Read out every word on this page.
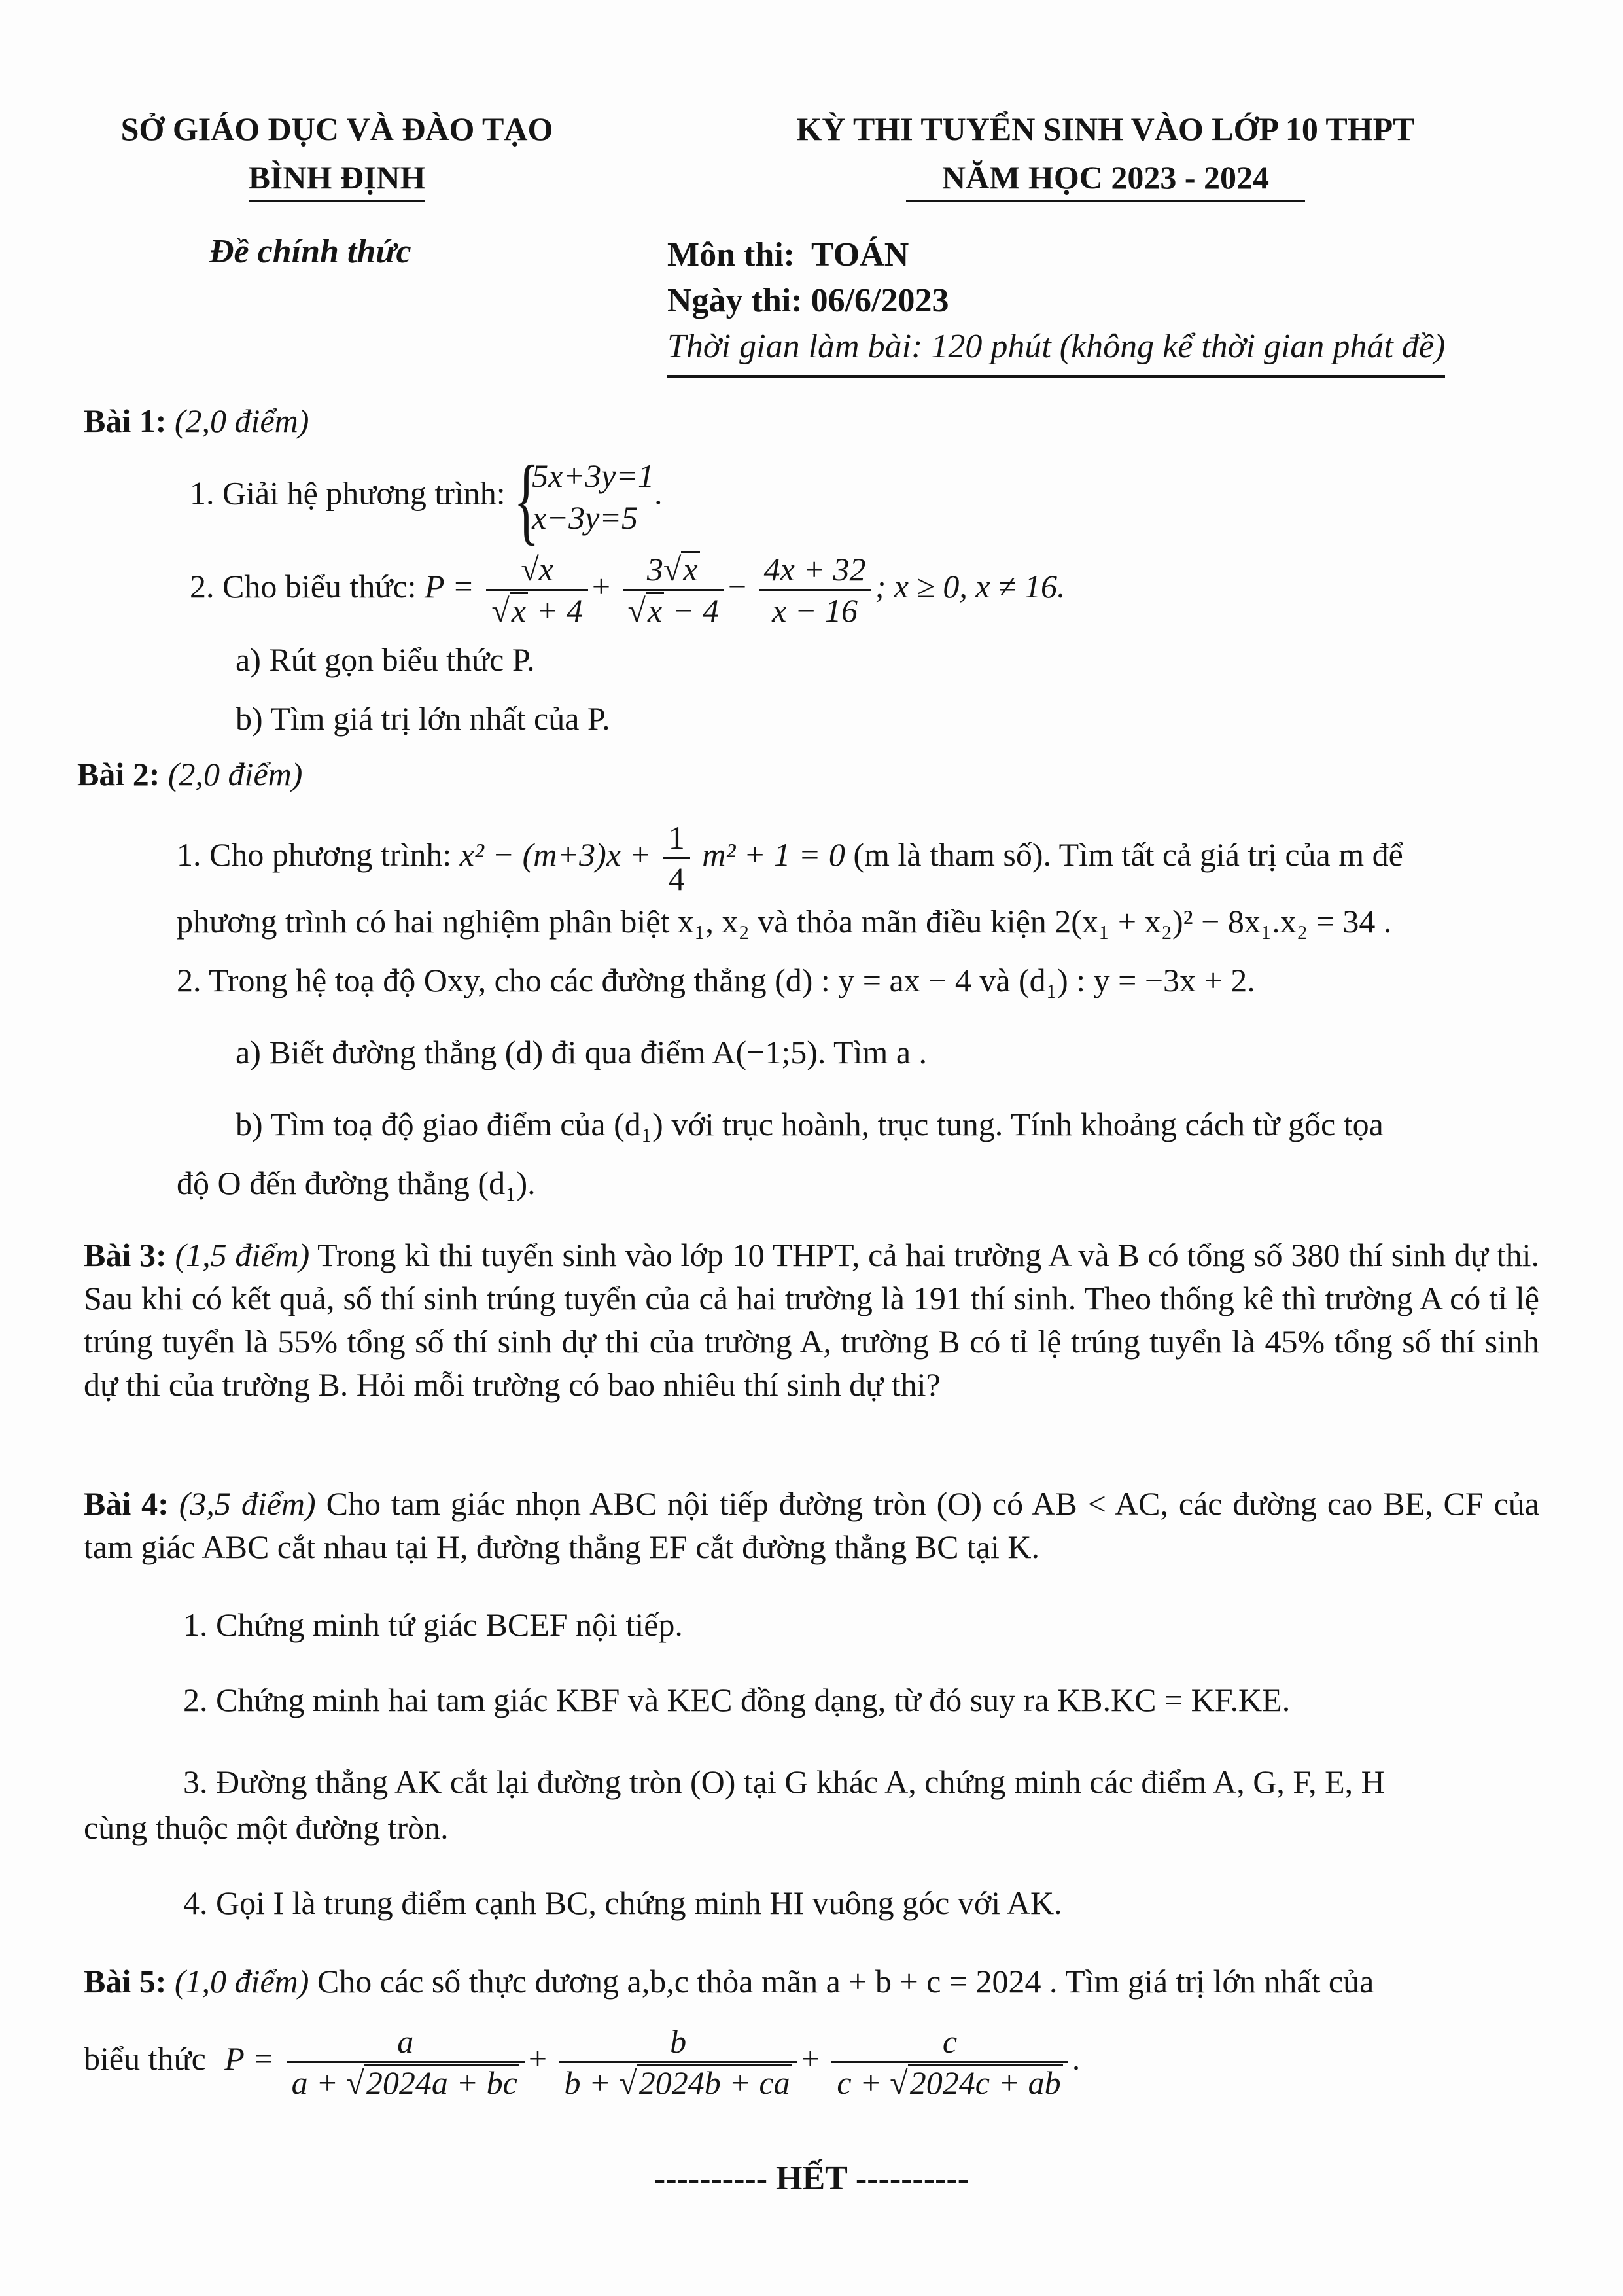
SỞ GIÁO DỤC VÀ ĐÀO TẠO
BÌNH ĐỊNH
KỲ THI TUYỂN SINH VÀO LỚP 10 THPT
NĂM HỌC 2023 - 2024
Đề chính thức	Môn thi: TOÁN
Ngày thi: 06/6/2023
Thời gian làm bài: 120 phút (không kể thời gian phát đề)
Bài 1: (2,0 điểm)
1. Giải hệ phương trình: {
5x+3y=1
x−3y=5
.
2. Cho biểu thức: $P = \frac{√x}{√x + 4} + \frac{3√x}{√x - 4} - \frac{4x + 32}{x - 16}$ ; x ≥ 0, x ≠ 16.
a) Rút gọn biểu thức P.
b) Tìm giá trị lớn nhất của P.
Bài 2: (2,0 điểm)
1. Cho phương trình: $x^2 - (m+3)x + \frac{1}{4} m^2 + 1 = 0$ (m là tham số). Tìm tất cả giá trị của m để
phương trình có hai nghiệm phân biệt x₁, x₂ và thỏa mãn điều kiện 2(x₁ + x₂)² − 8x₁.x₂ = 34 .
2. Trong hệ toạ độ Oxy, cho các đường thẳng (d) : y = ax − 4 và (d₁) : y = −3x + 2.
a) Biết đường thẳng (d) đi qua điểm A(−1;5). Tìm a .
b) Tìm toạ độ giao điểm của (d₁) với trục hoành, trục tung. Tính khoảng cách từ gốc tọa
độ O đến đường thẳng (d₁).
Bài 3: (1,5 điểm) Trong kì thi tuyển sinh vào lớp 10 THPT, cả hai trường A và B có tổng số 380 thí sinh dự thi. Sau khi có kết quả, số thí sinh trúng tuyển của cả hai trường là 191 thí sinh. Theo thống kê thì trường A có tỉ lệ trúng tuyển là 55% tổng số thí sinh dự thi của trường A, trường B có tỉ lệ trúng tuyển là 45% tổng số thí sinh dự thi của trường B. Hỏi mỗi trường có bao nhiêu thí sinh dự thi?
Bài 4: (3,5 điểm) Cho tam giác nhọn ABC nội tiếp đường tròn (O) có AB < AC, các đường cao BE, CF của tam giác ABC cắt nhau tại H, đường thẳng EF cắt đường thẳng BC tại K.
1. Chứng minh tứ giác BCEF nội tiếp.
2. Chứng minh hai tam giác KBF và KEC đồng dạng, từ đó suy ra KB.KC = KF.KE.
3. Đường thẳng AK cắt lại đường tròn (O) tại G khác A, chứng minh các điểm A, G, F, E, H
cùng thuộc một đường tròn.
4. Gọi I là trung điểm cạnh BC, chứng minh HI vuông góc với AK.
Bài 5: (1,0 điểm) Cho các số thực dương a,b,c thỏa mãn a + b + c = 2024 . Tìm giá trị lớn nhất của
biểu thức $P = \frac{a}{a + √2024a + bc} + \frac{b}{b + √2024b + ca} + \frac{c}{c + √2024c + ab}$ .
---------- HẾT ----------
